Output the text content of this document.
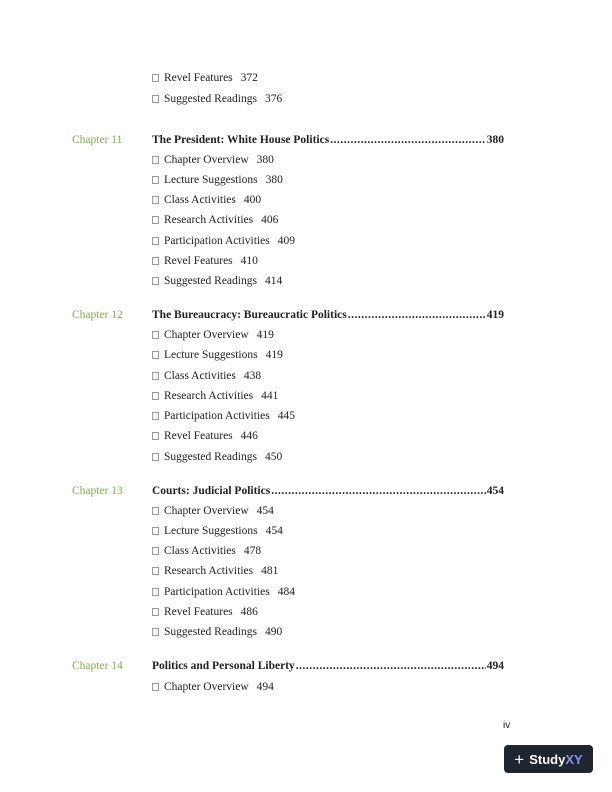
Revel Features 372
Suggested Readings 376
Chapter 11	The President: White House Politics .....	380
Chapter Overview 380
Lecture Suggestions 380
Class Activities 400
Research Activities 406
Participation Activities 409
Revel Features 410
Suggested Readings 414
Chapter 12	The Bureaucracy: Bureaucratic Politics .....	419
Chapter Overview 419
Lecture Suggestions 419
Class Activities 438
Research Activities 441
Participation Activities 445
Revel Features 446
Suggested Readings 450
Chapter 13	Courts: Judicial Politics .....	454
Chapter Overview 454
Lecture Suggestions 454
Class Activities 478
Research Activities 481
Participation Activities 484
Revel Features 486
Suggested Readings 490
Chapter 14	Politics and Personal Liberty .....	494
Chapter Overview 494
iv
+ Study XY
